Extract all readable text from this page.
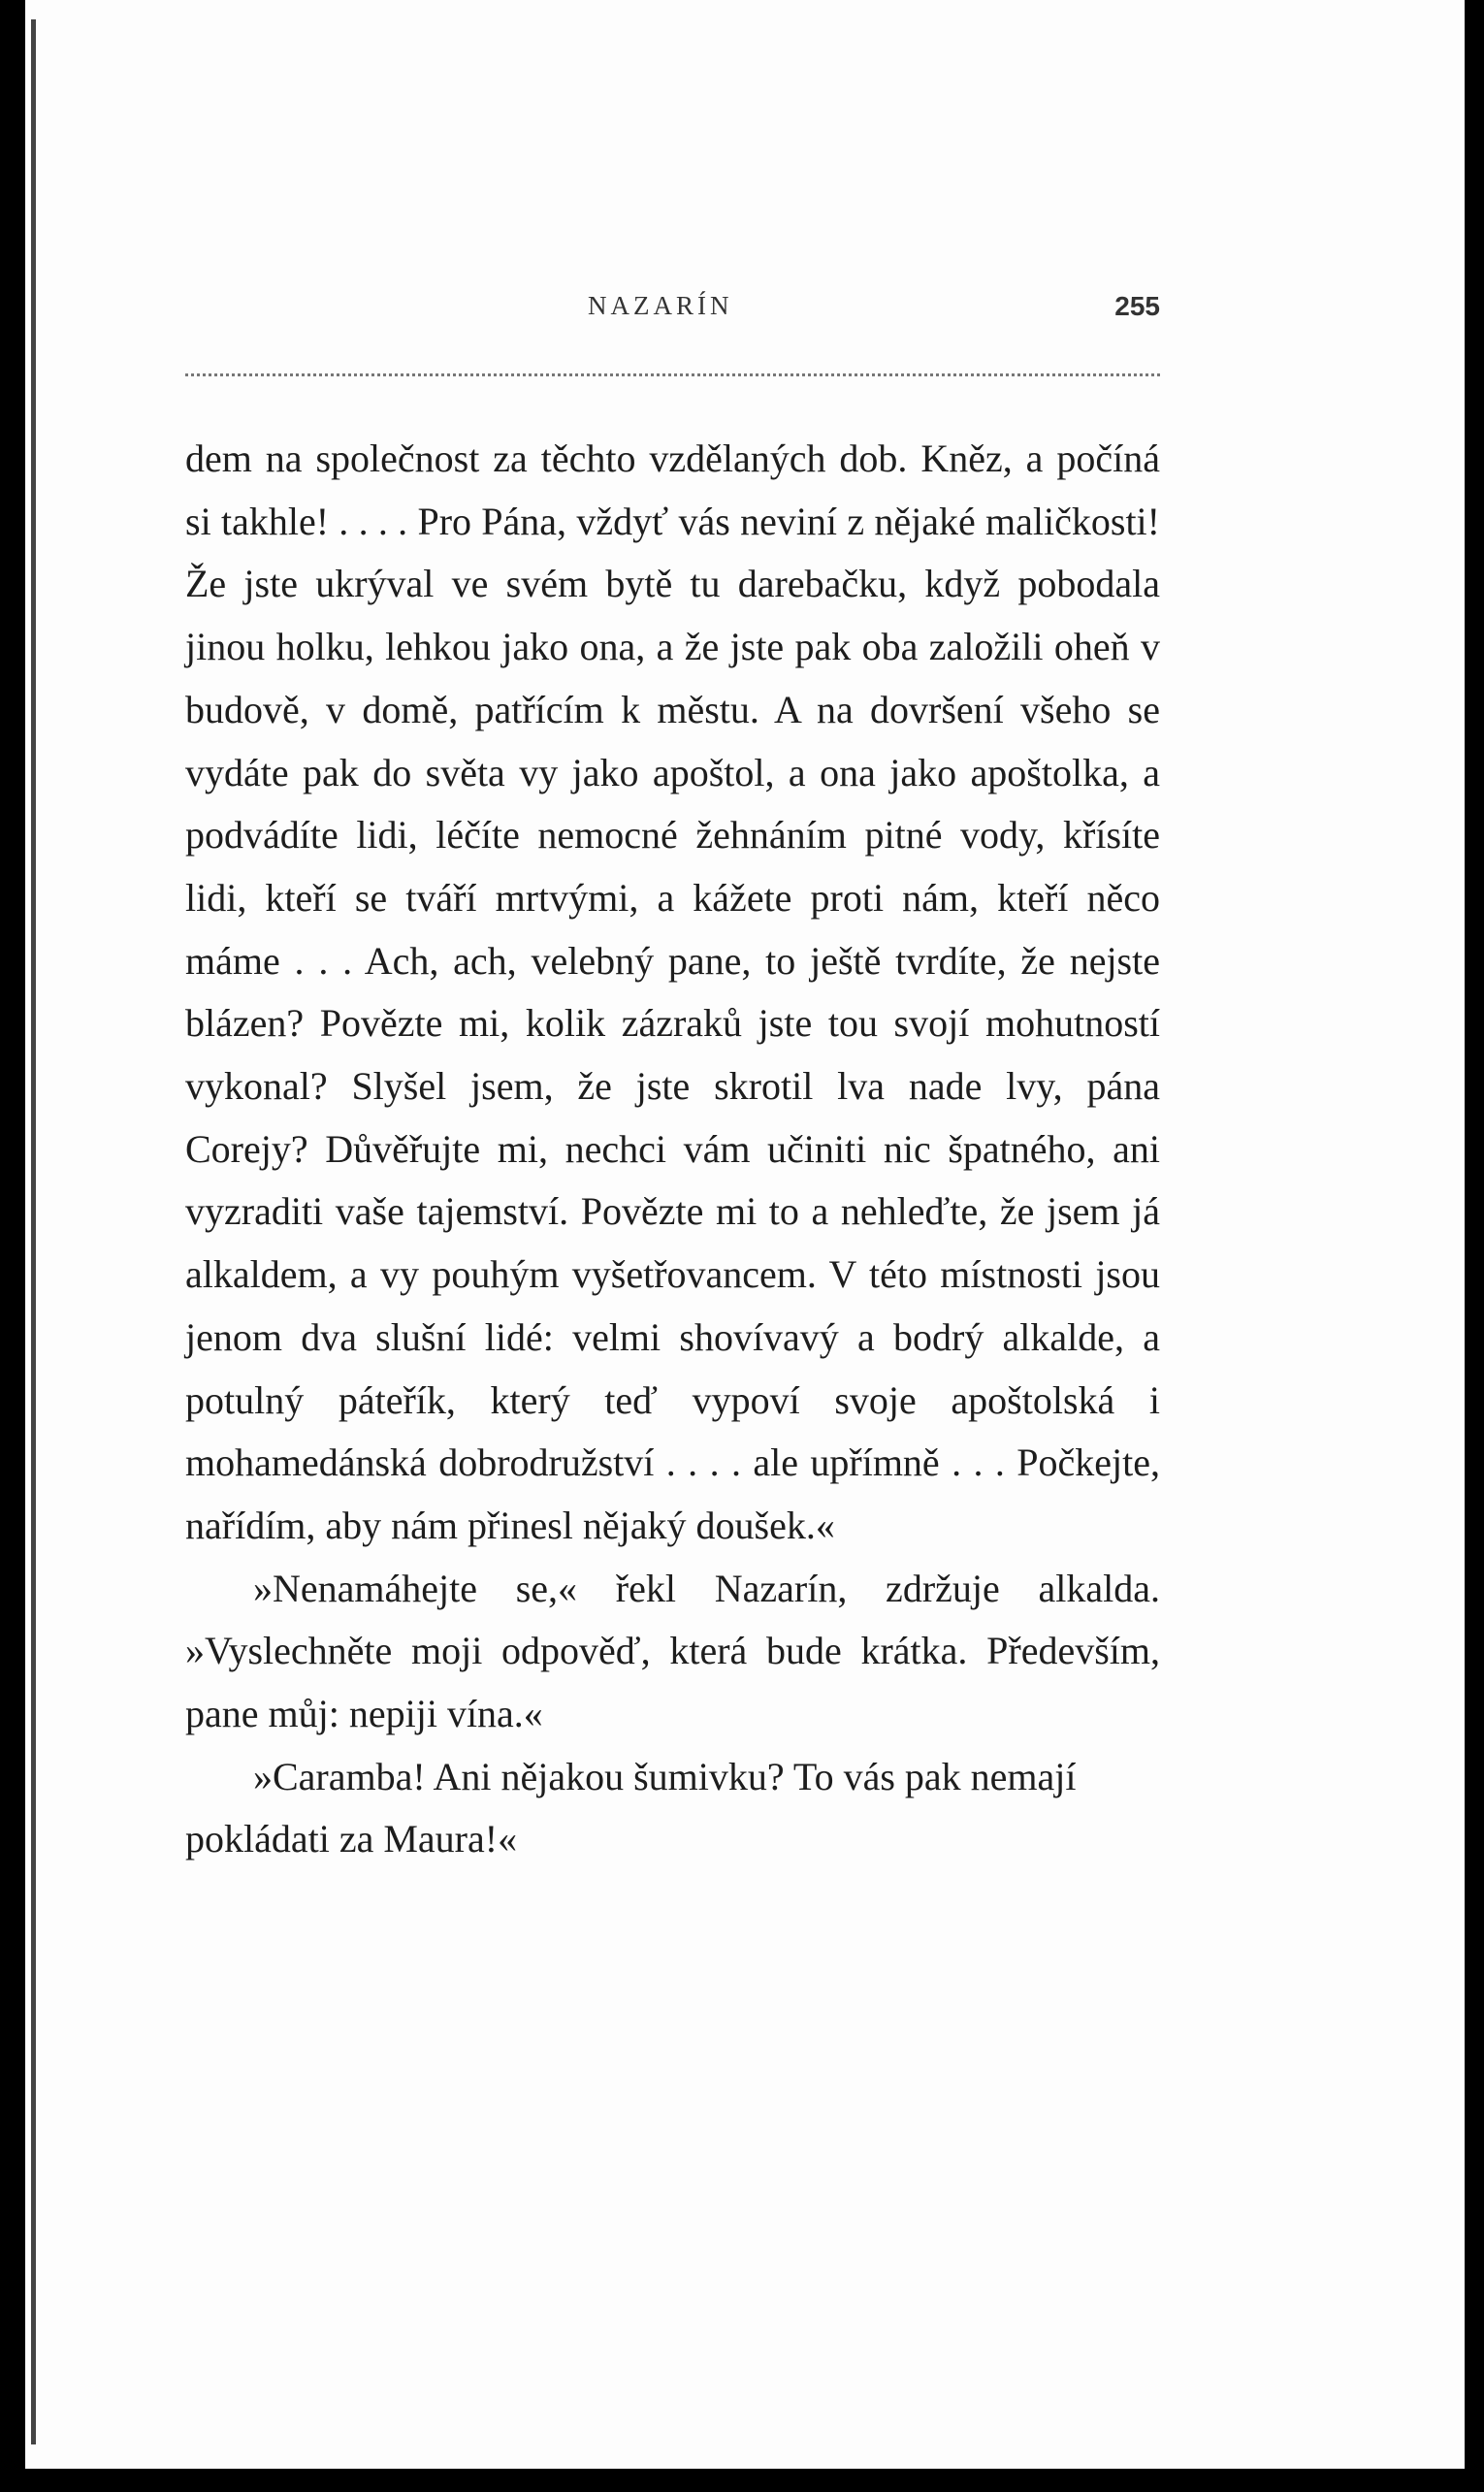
NAZARÍN	255

dem na společnost za těchto vzdělaných dob. Kněz, a počíná si takhle! . . . . Pro Pána, vždyť vás neviní z nějaké maličkosti! Že jste ukrýval ve svém bytě tu darebačku, když pobodala jinou holku, lehkou jako ona, a že jste pak oba založili oheň v budově, v domě, patřícím k městu. A na dovršení všeho se vydáte pak do světa vy jako apoštol, a ona jako apoštolka, a podvádíte lidi, léčíte nemocné žehnáním pitné vody, křísíte lidi, kteří se tváří mrtvými, a kážete proti nám, kteří něco máme . . . Ach, ach, velebný pane, to ještě tvrdíte, že nejste blázen? Povězte mi, kolik zázraků jste tou svojí mohutností vykonal? Slyšel jsem, že jste skrotil lva nade lvy, pána Corejy? Důvěřujte mi, nechci vám učiniti nic špatného, ani vyzraditi vaše tajemství. Povězte mi to a nehleďte, že jsem já alkaldem, a vy pouhým vyšetřovancem. V této místnosti jsou jenom dva slušní lidé: velmi shovívavý a bodrý alkalde, a potulný páteřík, který teď vypoví svoje apoštolská i mohamedánská dobrodružství . . . . ale upřímně . . . Počkejte, nařídím, aby nám přinesl nějaký doušek.«

»Nenamáhejte se,« řekl Nazarín, zdržuje alkalda. »Vyslechněte moji odpověď, která bude krátka. Především, pane můj: nepiji vína.«

»Caramba! Ani nějakou šumivku? To vás pak nemají pokládati za Maura!«
